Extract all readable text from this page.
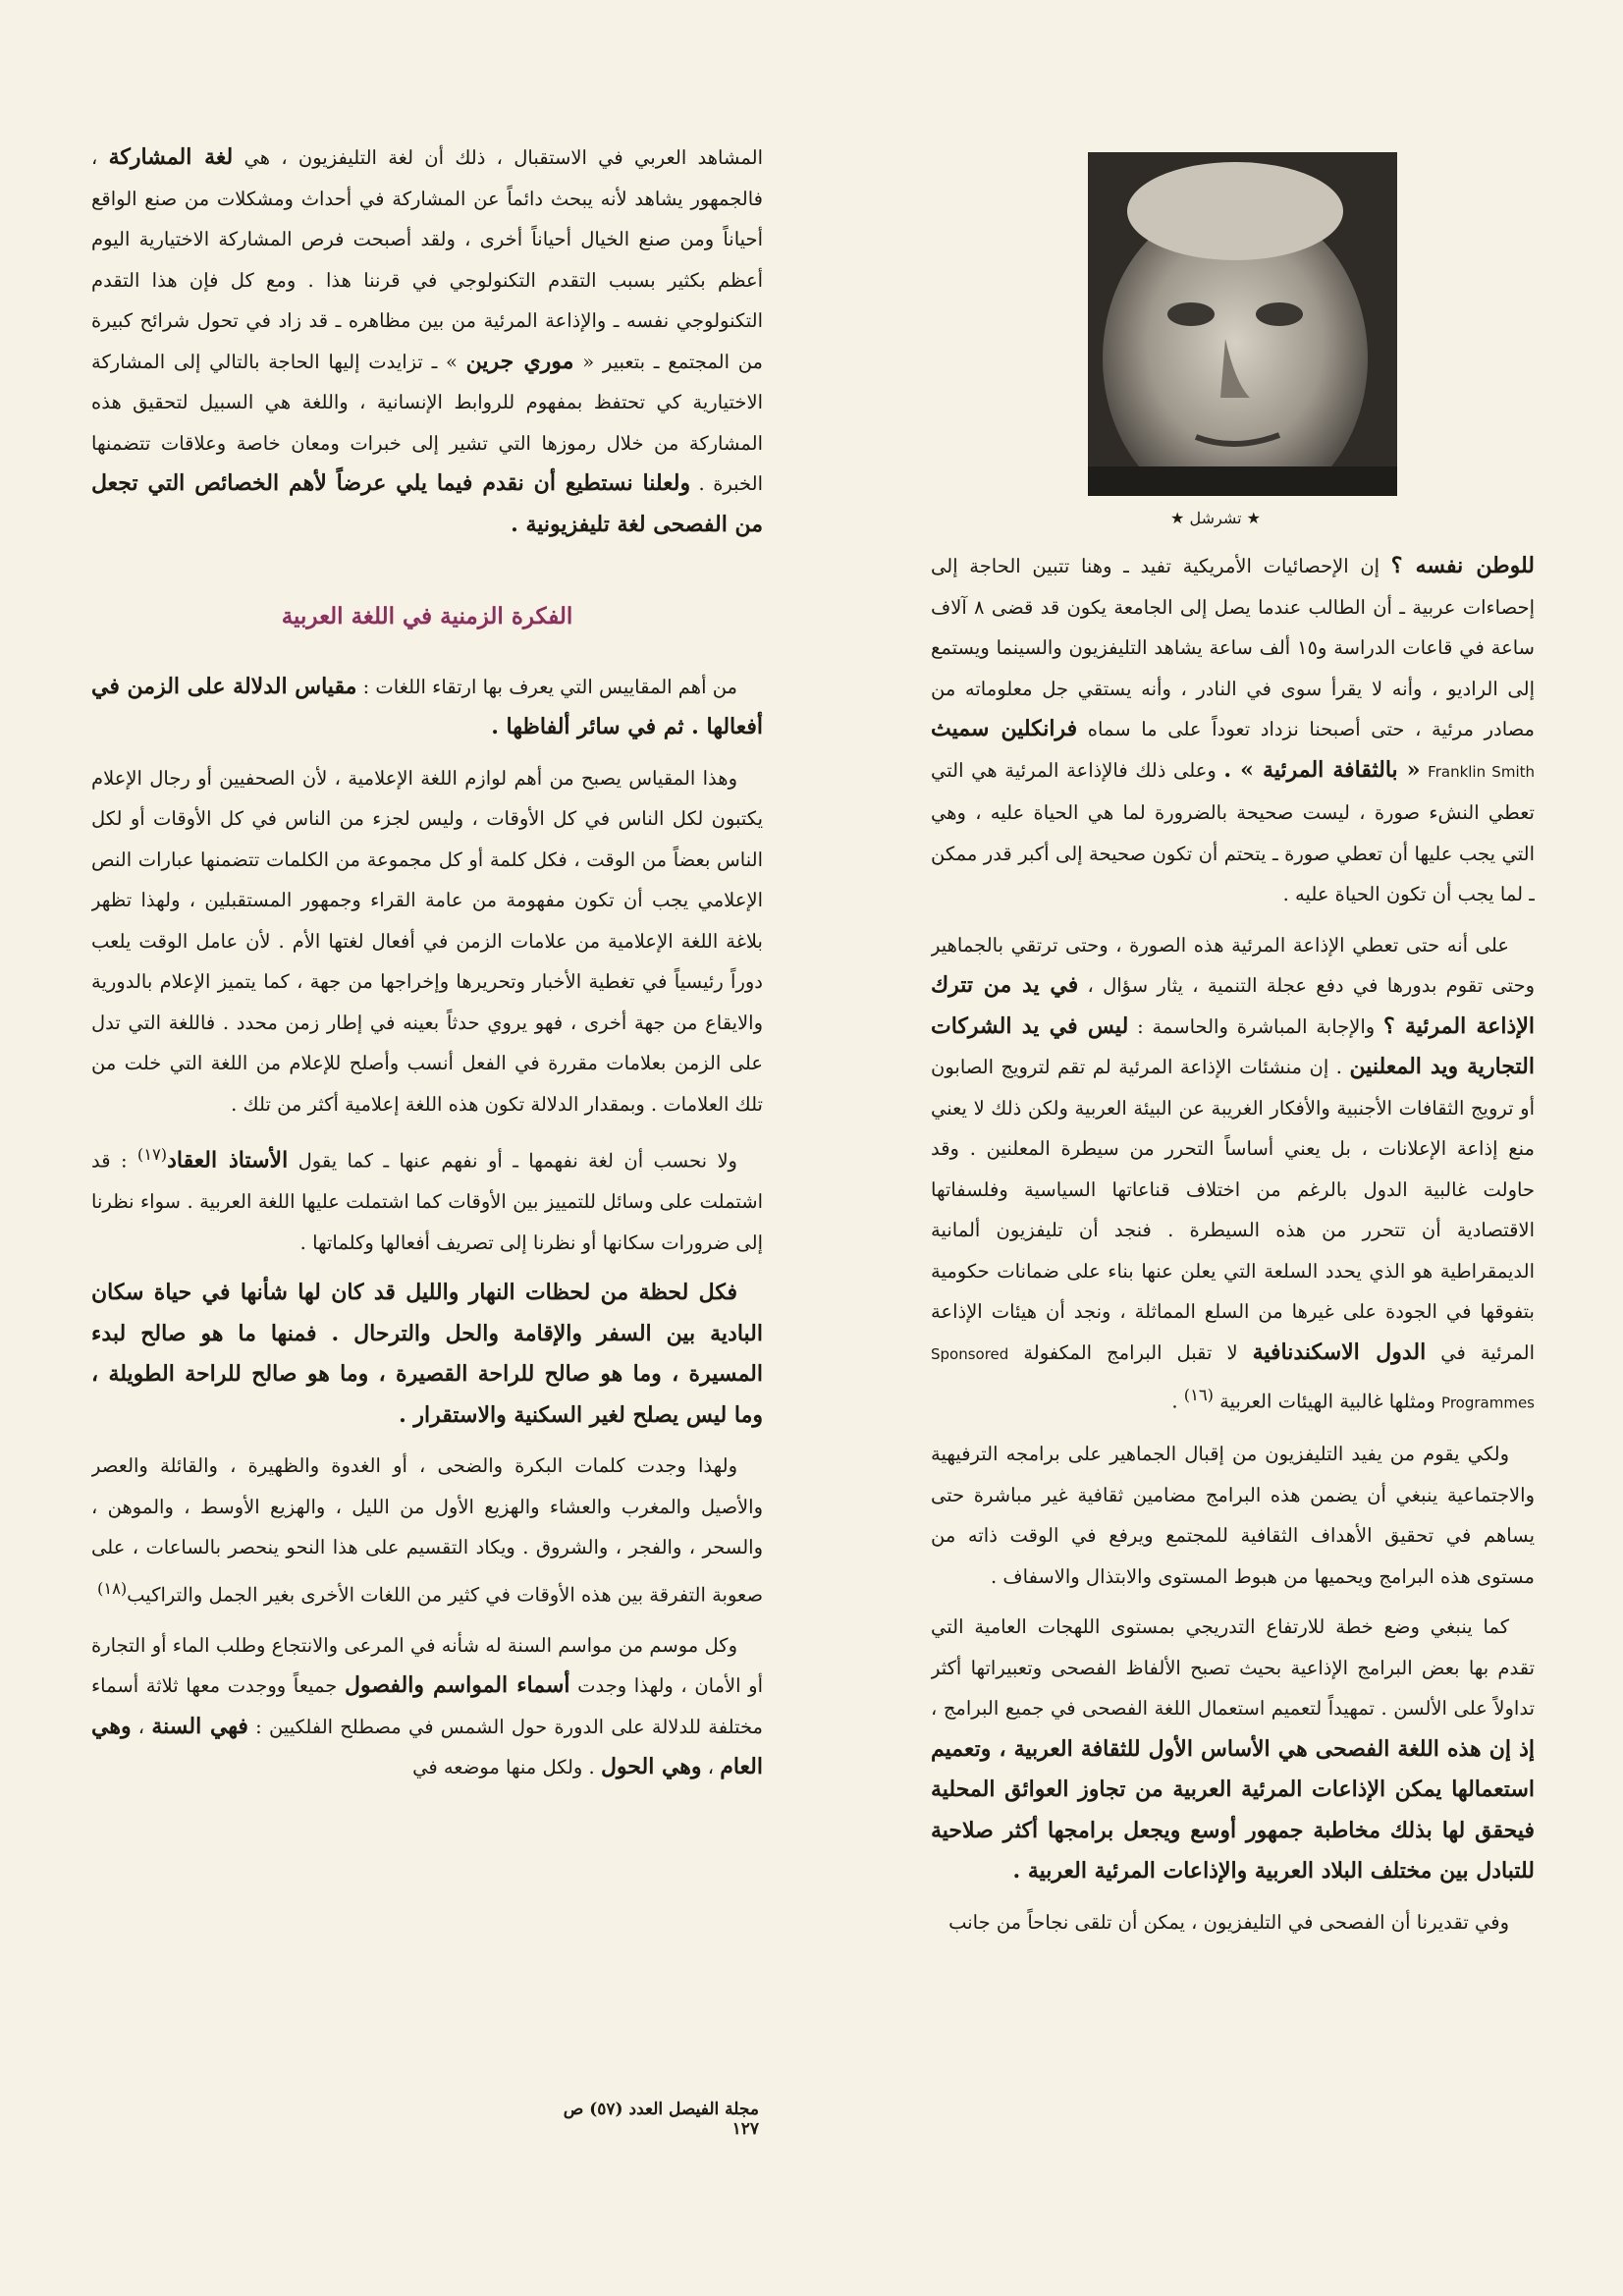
★ تشرشل ★

للوطن نفسه ؟ إن الإحصائيات الأمريكية تفيد ـ وهنا تتبين الحاجة إلى إحصاءات عربية ـ أن الطالب عندما يصل إلى الجامعة يكون قد قضى ٨ آلاف ساعة في قاعات الدراسة و١٥ ألف ساعة يشاهد التليفزيون والسينما ويستمع إلى الراديو ، وأنه لا يقرأ سوى في النادر ، وأنه يستقي جل معلوماته من مصادر مرئية ، حتى أصبحنا نزداد تعوداً على ما سماه فرانكلين سميث Franklin Smith « بالثقافة المرئية » . وعلى ذلك فالإذاعة المرئية هي التي تعطي النشء صورة ، ليست صحيحة بالضرورة لما هي الحياة عليه ، وهي التي يجب عليها أن تعطي صورة ـ يتحتم أن تكون صحيحة إلى أكبر قدر ممكن ـ لما يجب أن تكون الحياة عليه .

على أنه حتى تعطي الإذاعة المرئية هذه الصورة ، وحتى ترتقي بالجماهير وحتى تقوم بدورها في دفع عجلة التنمية ، يثار سؤال ، في يد من تترك الإذاعة المرئية ؟ والإجابة المباشرة والحاسمة : ليس في يد الشركات التجارية ويد المعلنين . إن منشئات الإذاعة المرئية لم تقم لترويج الصابون أو ترويج الثقافات الأجنبية والأفكار الغريبة عن البيئة العربية ولكن ذلك لا يعني منع إذاعة الإعلانات ، بل يعني أساساً التحرر من سيطرة المعلنين . وقد حاولت غالبية الدول بالرغم من اختلاف قناعاتها السياسية وفلسفاتها الاقتصادية أن تتحرر من هذه السيطرة . فنجد أن تليفزيون ألمانية الديمقراطية هو الذي يحدد السلعة التي يعلن عنها بناء على ضمانات حكومية بتفوقها في الجودة على غيرها من السلع المماثلة ، ونجد أن هيئات الإذاعة المرئية في الدول الاسكندنافية لا تقبل البرامج المكفولة Sponsored Programmes ومثلها غالبية الهيئات العربية $^{(١٦)}$ .

ولكي يقوم من يفيد التليفزيون من إقبال الجماهير على برامجه الترفيهية والاجتماعية ينبغي أن يضمن هذه البرامج مضامين ثقافية غير مباشرة حتى يساهم في تحقيق الأهداف الثقافية للمجتمع ويرفع في الوقت ذاته من مستوى هذه البرامج ويحميها من هبوط المستوى والابتذال والاسفاف .

كما ينبغي وضع خطة للارتفاع التدريجي بمستوى اللهجات العامية التي تقدم بها بعض البرامج الإذاعية بحيث تصبح الألفاظ الفصحى وتعبيراتها أكثر تداولاً على الألسن . تمهيداً لتعميم استعمال اللغة الفصحى في جميع البرامج ، إذ إن هذه اللغة الفصحى هي الأساس الأول للثقافة العربية ، وتعميم استعمالها يمكن الإذاعات المرئية العربية من تجاوز العوائق المحلية فيحقق لها بذلك مخاطبة جمهور أوسع ويجعل برامجها أكثر صلاحية للتبادل بين مختلف البلاد العربية والإذاعات المرئية العربية .

وفي تقديرنا أن الفصحى في التليفزيون ، يمكن أن تلقى نجاحاً من جانب

المشاهد العربي في الاستقبال ، ذلك أن لغة التليفزيون ، هي لغة المشاركة ، فالجمهور يشاهد لأنه يبحث دائماً عن المشاركة في أحداث ومشكلات من صنع الواقع أحياناً ومن صنع الخيال أحياناً أخرى ، ولقد أصبحت فرص المشاركة الاختيارية اليوم أعظم بكثير بسبب التقدم التكنولوجي في قرننا هذا . ومع كل فإن هذا التقدم التكنولوجي نفسه ـ والإذاعة المرئية من بين مظاهره ـ قد زاد في تحول شرائح كبيرة من المجتمع ـ بتعبير « موري جرين » ـ تزايدت إليها الحاجة بالتالي إلى المشاركة الاختيارية كي تحتفظ بمفهوم للروابط الإنسانية ، واللغة هي السبيل لتحقيق هذه المشاركة من خلال رموزها التي تشير إلى خبرات ومعان خاصة وعلاقات تتضمنها الخبرة . ولعلنا نستطيع أن نقدم فيما يلي عرضاً لأهم الخصائص التي تجعل من الفصحى لغة تليفزيونية .

الفكرة الزمنية في اللغة العربية

من أهم المقاييس التي يعرف بها ارتقاء اللغات : مقياس الدلالة على الزمن في أفعالها . ثم في سائر ألفاظها .

وهذا المقياس يصبح من أهم لوازم اللغة الإعلامية ، لأن الصحفيين أو رجال الإعلام يكتبون لكل الناس في كل الأوقات ، وليس لجزء من الناس في كل الأوقات أو لكل الناس بعضاً من الوقت ، فكل كلمة أو كل مجموعة من الكلمات تتضمنها عبارات النص الإعلامي يجب أن تكون مفهومة من عامة القراء وجمهور المستقبلين ، ولهذا تظهر بلاغة اللغة الإعلامية من علامات الزمن في أفعال لغتها الأم . لأن عامل الوقت يلعب دوراً رئيسياً في تغطية الأخبار وتحريرها وإخراجها من جهة ، كما يتميز الإعلام بالدورية والايقاع من جهة أخرى ، فهو يروي حدثاً بعينه في إطار زمن محدد . فاللغة التي تدل على الزمن بعلامات مقررة في الفعل أنسب وأصلح للإعلام من اللغة التي خلت من تلك العلامات . وبمقدار الدلالة تكون هذه اللغة إعلامية أكثر من تلك .

ولا نحسب أن لغة نفهمها ـ أو نفهم عنها ـ كما يقول الأستاذ العقاد$^{(١٧)}$ : قد اشتملت على وسائل للتمييز بين الأوقات كما اشتملت عليها اللغة العربية . سواء نظرنا إلى ضرورات سكانها أو نظرنا إلى تصريف أفعالها وكلماتها .

فكل لحظة من لحظات النهار والليل قد كان لها شأنها في حياة سكان البادية بين السفر والإقامة والحل والترحال . فمنها ما هو صالح لبدء المسيرة ، وما هو صالح للراحة القصيرة ، وما هو صالح للراحة الطويلة ، وما ليس يصلح لغير السكنية والاستقرار .

ولهذا وجدت كلمات البكرة والضحى ، أو الغدوة والظهيرة ، والقائلة والعصر والأصيل والمغرب والعشاء والهزيع الأول من الليل ، والهزيع الأوسط ، والموهن ، والسحر ، والفجر ، والشروق . ويكاد التقسيم على هذا النحو ينحصر بالساعات ، على صعوبة التفرقة بين هذه الأوقات في كثير من اللغات الأخرى بغير الجمل والتراكيب$^{(١٨)}$

وكل موسم من مواسم السنة له شأنه في المرعى والانتجاع وطلب الماء أو التجارة أو الأمان ، ولهذا وجدت أسماء المواسم والفصول جميعاً ووجدت معها ثلاثة أسماء مختلفة للدلالة على الدورة حول الشمس في مصطلح الفلكيين : فهي السنة ، وهي العام ، وهي الحول . ولكل منها موضعه في

مجلة الفيصل العدد (٥٧) ص ١٢٧
